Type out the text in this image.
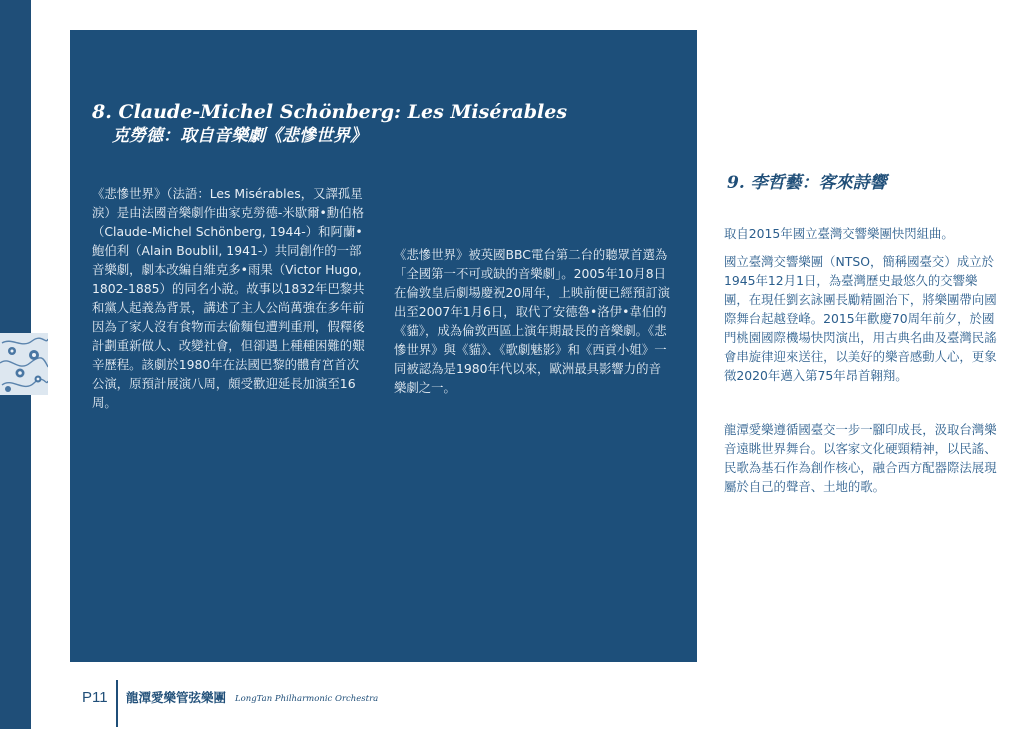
8. Claude-Michel Schönberg: Les Misérables
克勞德：取自音樂劇《悲慘世界》

《悲慘世界》（法語：Les Misérables，又譯孤星淚）是由法國音樂劇作曲家克勞德-米歇爾•勳伯格（Claude-Michel Schönberg, 1944-）和阿蘭•鮑伯利（Alain Boublil, 1941-）共同創作的一部音樂劇，劇本改編自維克多•雨果（Victor Hugo, 1802-1885）的同名小說。故事以1832年巴黎共和黨人起義為背景，講述了主人公尚萬強在多年前因為了家人沒有食物而去偷麵包遭判重刑，假釋後計劃重新做人、改變社會，但卻遇上種種困難的艱辛歷程。該劇於1980年在法國巴黎的體育宮首次公演，原預計展演八周，頗受歡迎延長加演至16周。

《悲慘世界》被英國BBC電台第二台的聽眾首選為「全國第一不可或缺的音樂劇」。2005年10月8日在倫敦皇后劇場慶祝20周年，上映前便已經預訂演出至2007年1月6日，取代了安德魯•洛伊•韋伯的《貓》，成為倫敦西區上演年期最長的音樂劇。《悲慘世界》與《貓》、《歌劇魅影》和《西貢小姐》一同被認為是1980年代以來，歐洲最具影響力的音樂劇之一。

9. 李哲藝：客來詩響

取自2015年國立臺灣交響樂團快閃組曲。

國立臺灣交響樂團（NTSO，簡稱國臺交）成立於1945年12月1日，為臺灣歷史最悠久的交響樂團，在現任劉玄詠團長勵精圖治下，將樂團帶向國際舞台起越登峰。2015年歡慶70周年前夕，於國門桃園國際機場快閃演出，用古典名曲及臺灣民謠會串旋律迎來送往，以美好的樂音感動人心，更象徵2020年邁入第75年昂首翱翔。

龍潭愛樂遵循國臺交一步一腳印成長，汲取台灣樂音遠眺世界舞台。以客家文化硬頸精神，以民謠、民歌為基石作為創作核心，融合西方配器際法展現屬於自己的聲音、土地的歌。

P11 龍潭愛樂管弦樂團 LongTan Philharmonic Orchestra
